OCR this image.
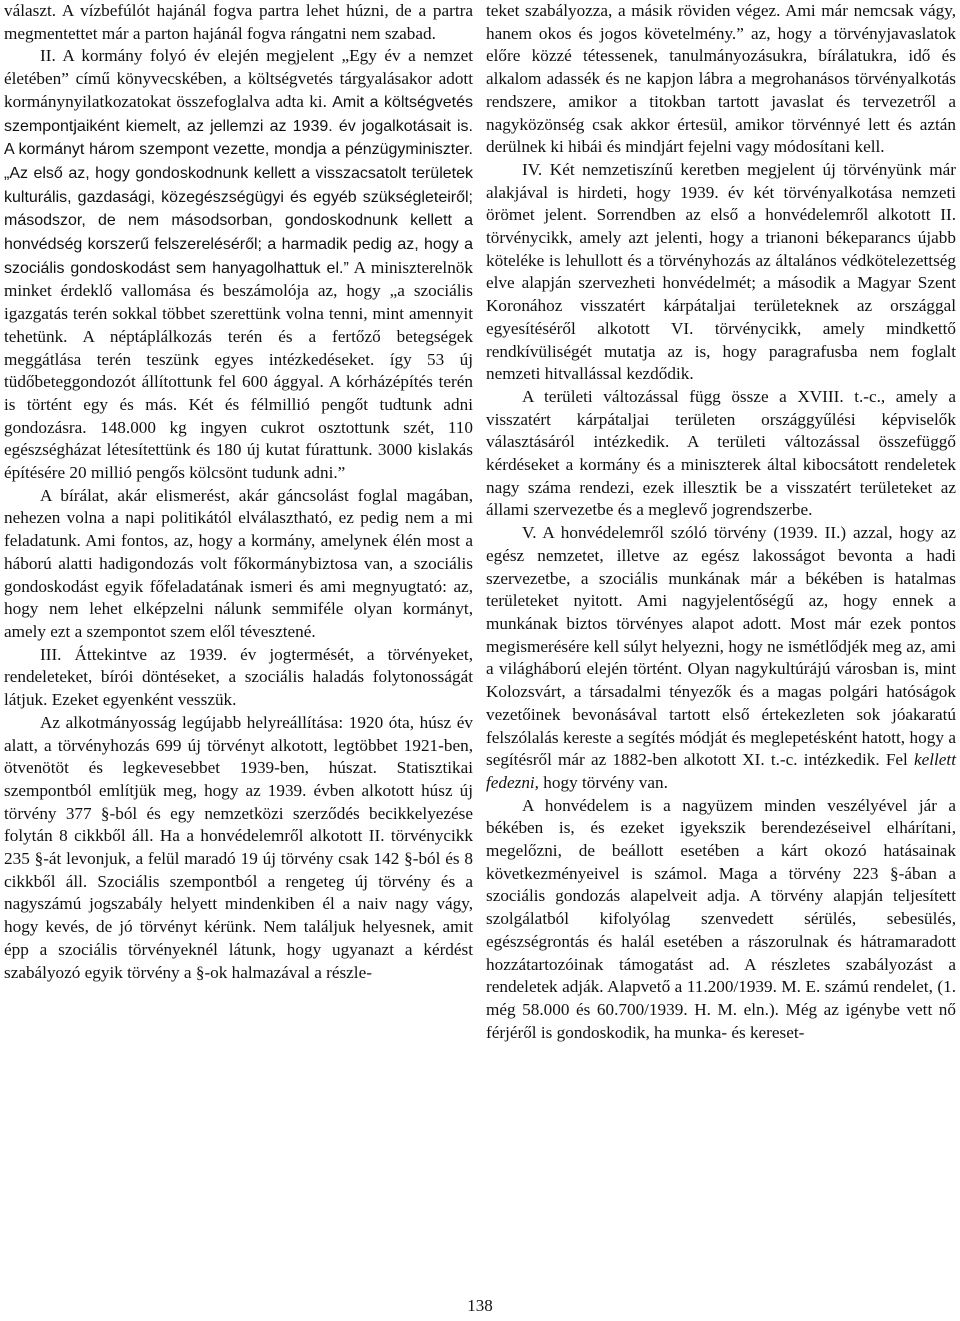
választ. A vízbefúlót hajánál fogva partra lehet húzni, de a partra megmentettet már a parton hajánál fogva rángatni nem szabad.

II. A kormány folyó év elején megjelent „Egy év a nemzet életében” című könyvecskében, a költségvetés tárgyalásakor adott kormánynyilatkozatokat összefoglalva adta ki. Amit a költségvetés szempontjaiként kiemelt, az jellemzi az 1939. év jogalkotásait is. A kormányt három szempont vezette, mondja a pénzügyminiszter. „Az első az, hogy gondoskodnunk kellett a visszacsatolt területek kulturális, gazdasági, közegészségügyi és egyéb szükségleteiről; másodszor, de nem másodsorban, gondoskodnunk kellett a honvédség korszerű felszereléséről; a harmadik pedig az, hogy a szociális gondoskodást sem hanyagolhattuk el.” A miniszterelnök minket érdeklő vallomása és beszámolója az, hogy „a szociális igazgatás terén sokkal többet szerettünk volna tenni, mint amennyit tehetünk. A néptáplálkozás terén és a fertőző betegségek meggátlása terén teszünk egyes intézkedéseket. így 53 új tüdőbeteggondozót állítottunk fel 600 ággyal. A kórházépítés terén is történt egy és más. Két és félmillió pengőt tudtunk adni gondozásra. 148.000 kg ingyen cukrot osztottunk szét, 110 egészségházat létesítettünk és 180 új kutat fúrattunk. 3000 kislakás építésére 20 millió pengős kölcsönt tudunk adni.”

A bírálat, akár elismerést, akár gáncsolást foglal magában, nehezen volna a napi politikától elválasztható, ez pedig nem a mi feladatunk. Ami fontos, az, hogy a kormány, amelynek élén most a háború alatti hadigondozás volt főkormánybiztosa van, a szociális gondoskodást egyik főfeladatának ismeri és ami megnyugtató: az, hogy nem lehet elképzelni nálunk semmiféle olyan kormányt, amely ezt a szempontot szem elől tévesztené.

III. Áttekintve az 1939. év jogtermését, a törvényeket, rendeleteket, bírói döntéseket, a szociális haladás folytonosságát látjuk. Ezeket egyenként vesszük.

Az alkotmányosság legújabb helyreállítása: 1920 óta, húsz év alatt, a törvényhozás 699 új törvényt alkotott, legtöbbet 1921-ben, ötvenötöt és legkevesebbet 1939-ben, húszat. Statisztikai szempontból említjük meg, hogy az 1939. évben alkotott húsz új törvény 377 §-ból és egy nemzetközi szerződés becikkelyezése folytán 8 cikkből áll. Ha a honvédelemről alkotott II. törvénycikk 235 §-át levonjuk, a felül maradó 19 új törvény csak 142 §-ból és 8 cikkből áll. Szociális szempontból a rengeteg új törvény és a nagyszámú jogszabály helyett mindenkiben él a naiv nagy vágy, hogy kevés, de jó törvényt kérünk. Nem találjuk helyesnek, amit épp a szociális törvényeknél látunk, hogy ugyanazt a kérdést szabályozó egyik törvény a §-ok halmazával a részle-

teket szabályozza, a másik röviden végez. Ami már nemcsak vágy, hanem okos és jogos követelmény.” az, hogy a törvényjavaslatok előre közzé tétessenek, tanulmányozásukra, bírálatukra, idő és alkalom adassék és ne kapjon lábra a megrohanásos törvényalkotás rendszere, amikor a titokban tartott javaslat és tervezetről a nagyközönség csak akkor értesül, amikor törvénnyé lett és aztán derülnek ki hibái és mindjárt fejelni vagy módosítani kell.

IV. Két nemzetiszínű keretben megjelent új törvényünk már alakjával is hirdeti, hogy 1939. év két törvényalkotása nemzeti örömet jelent. Sorrendben az első a honvédelemről alkotott II. törvénycikk, amely azt jelenti, hogy a trianoni békeparancs újabb köteléke is lehullott és a törvényhozás az általános védkötelezettség elve alapján szervezheti honvédelmét; a második a Magyar Szent Koronához visszatért kárpátaljai területeknek az országgal egyesítéséről alkotott VI. törvénycikk, amely mindkettő rendkívüliségét mutatja az is, hogy paragrafusba nem foglalt nemzeti hitvallással kezdődik.

A területi változással függ össze a XVIII. t.-c., amely a visszatért kárpátaljai területen országgyűlési képviselők választásáról intézkedik. A területi változással összefüggő kérdéseket a kormány és a miniszterek által kibocsátott rendeletek nagy száma rendezi, ezek illesztik be a visszatért területeket az állami szervezetbe és a meglevő jogrendszerbe.

V. A honvédelemről szóló törvény (1939. II.) azzal, hogy az egész nemzetet, illetve az egész lakosságot bevonta a hadi szervezetbe, a szociális munkának már a békében is hatalmas területeket nyitott. Ami nagyjelentőségű az, hogy ennek a munkának biztos törvényes alapot adott. Most már ezek pontos megismerésére kell súlyt helyezni, hogy ne ismétlődjék meg az, ami a világháború elején történt. Olyan nagykultúrájú városban is, mint Kolozsvárt, a társadalmi tényezők és a magas polgári hatóságok vezetőinek bevonásával tartott első értekezleten sok jóakaratú felszólalás kereste a segítés módját és meglepetésként hatott, hogy a segítésről már az 1882-ben alkotott XI. t.-c. intézkedik. Fel kellett fedezni, hogy törvény van.

A honvédelem is a nagyüzem minden veszélyével jár a békében is, és ezeket igyekszik berendezéseivel elhárítani, megelőzni, de beállott esetében a kárt okozó hatásainak következményeivel is számol. Maga a törvény 223 §-ában a szociális gondozás alapelveit adja. A törvény alapján teljesített szolgálatból kifolyólag szenvedett sérülés, sebesülés, egészségrontás és halál esetében a rászorulnak és hátramaradott hozzátartozóinak támogatást ad. A részletes szabályozást a rendeletek adják. Alapvető a 11.200/1939. M. E. számú rendelet, (1. még 58.000 és 60.700/1939. H. M. eln.). Még az igénybe vett nő férjéről is gondoskodik, ha munka- és kereset-

138
